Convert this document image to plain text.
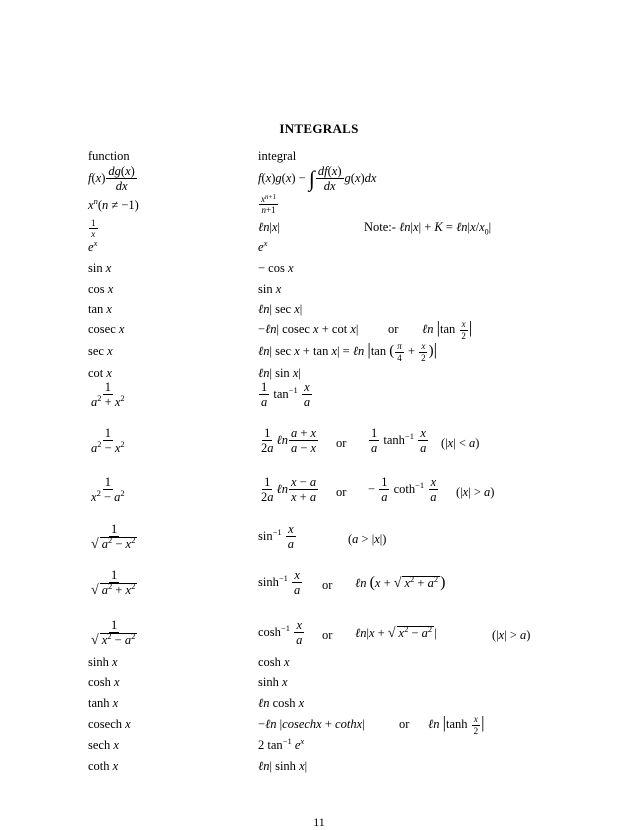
INTEGRALS
function	integral
$f(x) \frac{dg(x)}{dx}$	f(x)g(x) − ∫ $\frac{df(x)}{dx} g(x)dx$
$x^n(n \ne -1)$	$\frac{x^{n+1}}{n+1}$
$\frac{1}{x}$	ℓn|x|	Note:- ℓn|x| + $K = \ell n|x/x_0|$
$e^x$	$e^x$
sin x	− cos x
cos x	sin x
tan x	ℓn| sec x|
cosec x	−ℓn| cosec x + cot x| or ℓn $|\tan \frac{x}{2}$ |
sec x	ℓn| sec x + tan x| = ℓn |tan ( $\frac{\pi}{4} + \frac{x}{2}$ )|
cot x	ℓn| sin x|
$\frac{1}{a^2 + x^2}$	$\frac{1}{a} \tan^{-1} \frac{x}{a}$
$\frac{1}{a^2 - x^2}$	$\frac{1}{2a}$ ℓn $\frac{a + x}{a - x}$ or $\frac{1}{a} \tanh^{-1} \frac{x}{a} (|x| < a)$
$\frac{1}{x^2 - a^2}$	$\frac{1}{2a}$ ℓn $\frac{x - a}{x + a}$ or − $\frac{1}{a} \cot h^{-1} \frac{x}{a} (|x| > a)$
$\frac{1}{√ a^2 - x^2}$	$\sin^{-1} \frac{x}{a}$	(a > |x|)
$\frac{1}{√ a^2 + x^2}$	$\sinh^{-1} \frac{x}{a}$ or ℓn (x + √ $x^2 + a^2$ )
$\frac{1}{√ x^2 - a^2}$	$\cosh^{-1} \frac{x}{a}$ or ℓn|x + √ $x^2 - a^2$ |	(|x| > a)
sinh x	cosh x
cosh x	sinh x
tanh x	ℓn cosh x
cosech x	−ℓn |cosechx + cothx|	or ℓn $|\tanh \frac{x}{2}$ |
sech x	2 $\tan^{-1} e^x$
coth x	ℓn| sinh x|
11
